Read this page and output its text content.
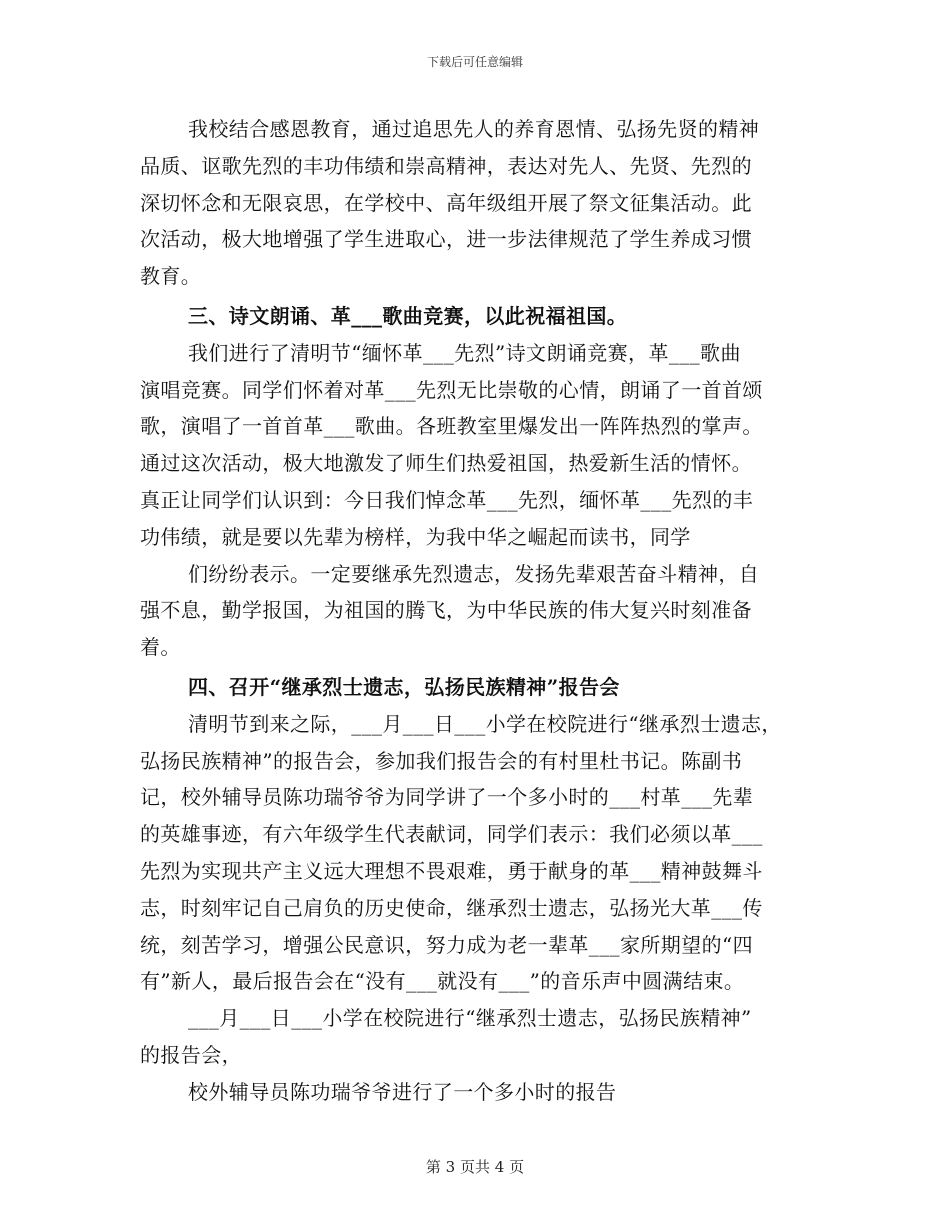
下载后可任意编辑
我校结合感恩教育，通过追思先人的养育恩情、弘扬先贤的精神
品质、讴歌先烈的丰功伟绩和崇高精神，表达对先人、先贤、先烈的
深切怀念和无限哀思，在学校中、高年级组开展了祭文征集活动。此
次活动，极大地增强了学生进取心，进一步法律规范了学生养成习惯
教育。
三、诗文朗诵、革___歌曲竞赛，以此祝福祖国。
我们进行了清明节“缅怀革___先烈”诗文朗诵竞赛，革___歌曲
演唱竞赛。同学们怀着对革___先烈无比崇敬的心情，朗诵了一首首颂
歌，演唱了一首首革___歌曲。各班教室里爆发出一阵阵热烈的掌声。
通过这次活动，极大地激发了师生们热爱祖国，热爱新生活的情怀。
真正让同学们认识到：今日我们悼念革___先烈，缅怀革___先烈的丰
功伟绩，就是要以先辈为榜样，为我中华之崛起而读书，同学
们纷纷表示。一定要继承先烈遗志，发扬先辈艰苦奋斗精神，自
强不息，勤学报国，为祖国的腾飞，为中华民族的伟大复兴时刻准备
着。
四、召开“继承烈士遗志，弘扬民族精神”报告会
清明节到来之际，___月___日___小学在校院进行“继承烈士遗志，
弘扬民族精神”的报告会，参加我们报告会的有村里杜书记。陈副书
记，校外辅导员陈功瑞爷爷为同学讲了一个多小时的___村革___先辈
的英雄事迹，有六年级学生代表献词，同学们表示：我们必须以革___
先烈为实现共产主义远大理想不畏艰难，勇于献身的革___精神鼓舞斗
志，时刻牢记自己肩负的历史使命，继承烈士遗志，弘扬光大革___传
统，刻苦学习，增强公民意识，努力成为老一辈革___家所期望的“四
有”新人，最后报告会在“没有___就没有___”的音乐声中圆满结束。
___月___日___小学在校院进行“继承烈士遗志，弘扬民族精神”
的报告会，
校外辅导员陈功瑞爷爷进行了一个多小时的报告
第 3 页共 4 页
